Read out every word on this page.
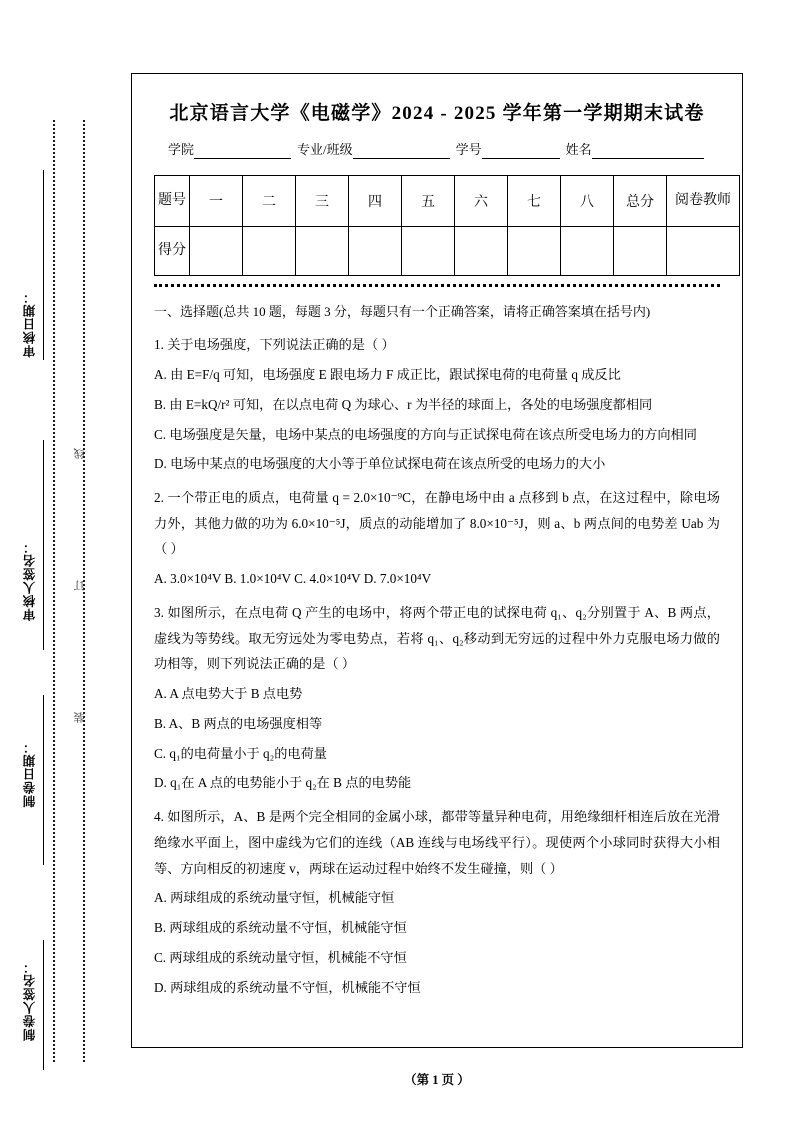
审核日期：
审核人签名：
制卷日期：
制卷人签名：
线
订
装
北京语言大学《电磁学》2024 - 2025 学年第一学期期末试卷
学院	专业/班级	学号	姓名
题号	一	二	三	四	五	六	七	八	总分	阅卷教师
得分										
一、选择题(总共 10 题，每题 3 分，每题只有一个正确答案，请将正确答案填在括号内)
1. 关于电场强度，下列说法正确的是（ ）
A. 由 E=F/q 可知，电场强度 E 跟电场力 F 成正比，跟试探电荷的电荷量 q 成反比
B. 由 E=kQ/r² 可知，在以点电荷 Q 为球心、r 为半径的球面上，各处的电场强度都相同
C. 电场强度是矢量，电场中某点的电场强度的方向与正试探电荷在该点所受电场力的方向相同
D. 电场中某点的电场强度的大小等于单位试探电荷在该点所受的电场力的大小
2. 一个带正电的质点，电荷量 q = 2.0×10⁻⁹C，在静电场中由 a 点移到 b 点，在这过程中，除电场力外，其他力做的功为 6.0×10⁻⁵J，质点的动能增加了 8.0×10⁻⁵J，则 a、b 两点间的电势差 Uab 为（ ）
A. 3.0×10⁴V B. 1.0×10⁴V C. 4.0×10⁴V D. 7.0×10⁴V
3. 如图所示，在点电荷 Q 产生的电场中，将两个带正电的试探电荷 q₁、q₂分别置于 A、B 两点，虚线为等势线。取无穷远处为零电势点，若将 q₁、q₂移动到无穷远的过程中外力克服电场力做的功相等，则下列说法正确的是（ ）
A. A 点电势大于 B 点电势
B. A、B 两点的电场强度相等
C. q₁的电荷量小于 q₂的电荷量
D. q₁在 A 点的电势能小于 q₂在 B 点的电势能
4. 如图所示，A、B 是两个完全相同的金属小球，都带等量异种电荷，用绝缘细杆相连后放在光滑绝缘水平面上，图中虚线为它们的连线（AB 连线与电场线平行）。现使两个小球同时获得大小相等、方向相反的初速度 v，两球在运动过程中始终不发生碰撞，则（ ）
A. 两球组成的系统动量守恒，机械能守恒
B. 两球组成的系统动量不守恒，机械能守恒
C. 两球组成的系统动量守恒，机械能不守恒
D. 两球组成的系统动量不守恒，机械能不守恒
（第 1 页 ）
